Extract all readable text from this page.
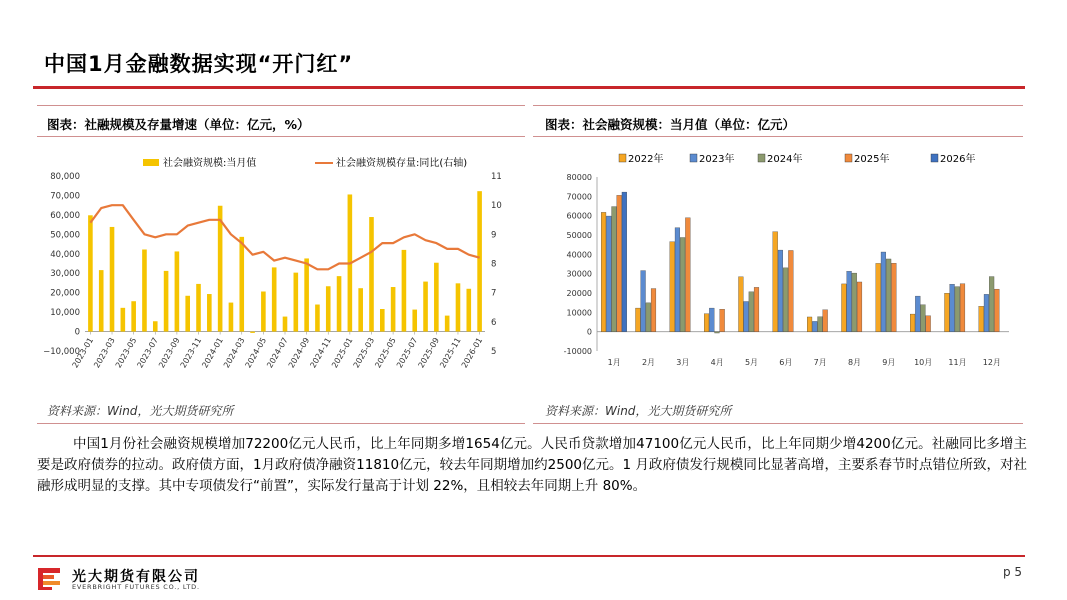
中国1月金融数据实现“开门红”
图表：社融规模及存量增速（单位：亿元，%）	图表：社会融资规模：当月值（单位：亿元）
社会融资规模:当月值	社会融资规模存量:同比(右轴)
−10,000
0
10,000
20,000
30,000
40,000
50,000
60,000
70,000
80,000
5
6
7
8
9
10
11
2023-01
2023-03
2023-05
2023-07
2023-09
2023-11
2024-01
2024-03
2024-05
2024-07
2024-09
2024-11
2025-01
2025-03
2025-05
2025-07
2025-09
2025-11
2026-01
2022年	2023年	2024年	2025年	2026年
-10000
0
10000
20000
30000
40000
50000
60000
70000
80000
1月	2月	3月	4月	5月	6月	7月	8月	9月 10月 11月 12月
资料来源：Wind，光大期货研究所	资料来源：Wind，光大期货研究所
中国1月份社会融资规模增加72200亿元人民币，比上年同期多增1654亿元。人民币贷款增加47100亿元人民币，比上年同期少增4200亿元。社融同比多增主要是政府债券的拉动。政府债方面，1月政府债净融资11810亿元，较去年同期增加约2500亿元。1 月政府债发行规模同比显著高增，主要系春节时点错位所致，对社融形成明显的支撑。其中专项债发行“前置”，实际发行量高于计划 22%，且相较去年同期上升 80%。
光大期货有限公司
EVERBRIGHT FUTURES CO., LTD.
p 5
